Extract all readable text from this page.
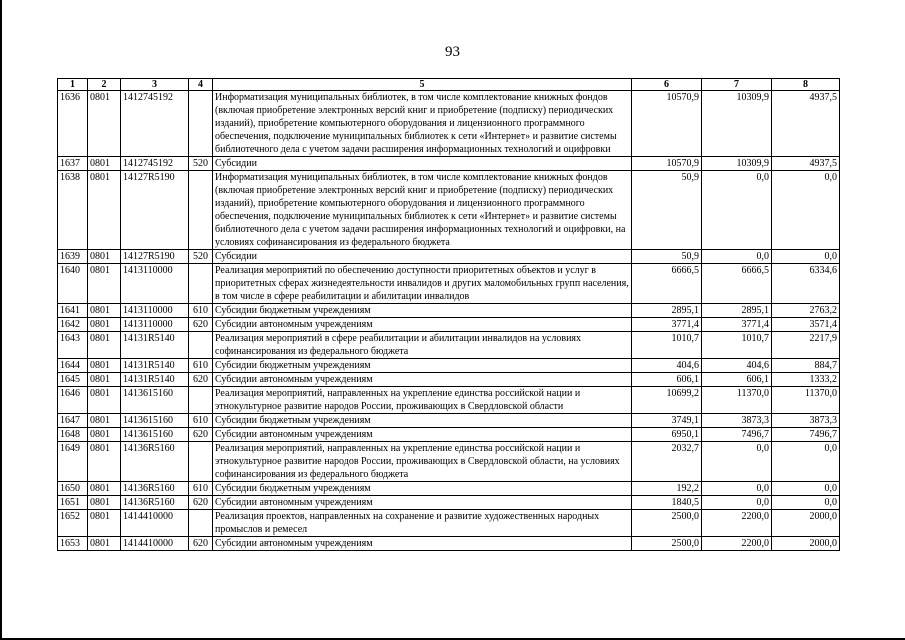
93
1	2	3	4	5	6	7	8
1636	0801	1412745192		Информатизация муниципальных библиотек, в том числе комплектование книжных фондов (включая приобретение электронных версий книг и приобретение (подписку) периодических изданий), приобретение компьютерного оборудования и лицензионного программного обеспечения, подключение муниципальных библиотек к сети «Интернет» и развитие системы библиотечного дела с учетом задачи расширения информационных технологий и оцифровки	10570,9	10309,9	4937,5
1637	0801	1412745192	520	Субсидии	10570,9	10309,9	4937,5
1638	0801	14127R5190		Информатизация муниципальных библиотек, в том числе комплектование книжных фондов (включая приобретение электронных версий книг и приобретение (подписку) периодических изданий), приобретение компьютерного оборудования и лицензионного программного обеспечения, подключение муниципальных библиотек к сети «Интернет» и развитие системы библиотечного дела с учетом задачи расширения информационных технологий и оцифровки, на условиях софинансирования из федерального бюджета	50,9	0,0	0,0
1639	0801	14127R5190	520	Субсидии	50,9	0,0	0,0
1640	0801	1413110000		Реализация мероприятий по обеспечению доступности приоритетных объектов и услуг в приоритетных сферах жизнедеятельности инвалидов и других маломобильных групп населения, в том числе в сфере реабилитации и абилитации инвалидов	6666,5	6666,5	6334,6
1641	0801	1413110000	610	Субсидии бюджетным учреждениям	2895,1	2895,1	2763,2
1642	0801	1413110000	620	Субсидии автономным учреждениям	3771,4	3771,4	3571,4
1643	0801	14131R5140		Реализация мероприятий в сфере реабилитации и абилитации инвалидов на условиях софинансирования из федерального бюджета	1010,7	1010,7	2217,9
1644	0801	14131R5140	610	Субсидии бюджетным учреждениям	404,6	404,6	884,7
1645	0801	14131R5140	620	Субсидии автономным учреждениям	606,1	606,1	1333,2
1646	0801	1413615160		Реализация мероприятий, направленных на укрепление единства российской нации и этнокультурное развитие народов России, проживающих в Свердловской области	10699,2	11370,0	11370,0
1647	0801	1413615160	610	Субсидии бюджетным учреждениям	3749,1	3873,3	3873,3
1648	0801	1413615160	620	Субсидии автономным учреждениям	6950,1	7496,7	7496,7
1649	0801	14136R5160		Реализация мероприятий, направленных на укрепление единства российской нации и этнокультурное развитие народов России, проживающих в Свердловской области, на условиях софинансирования из федерального бюджета	2032,7	0,0	0,0
1650	0801	14136R5160	610	Субсидии бюджетным учреждениям	192,2	0,0	0,0
1651	0801	14136R5160	620	Субсидии автономным учреждениям	1840,5	0,0	0,0
1652	0801	1414410000		Реализация проектов, направленных на сохранение и развитие художественных народных промыслов и ремесел	2500,0	2200,0	2000,0
1653	0801	1414410000	620	Субсидии автономным учреждениям	2500,0	2200,0	2000,0
